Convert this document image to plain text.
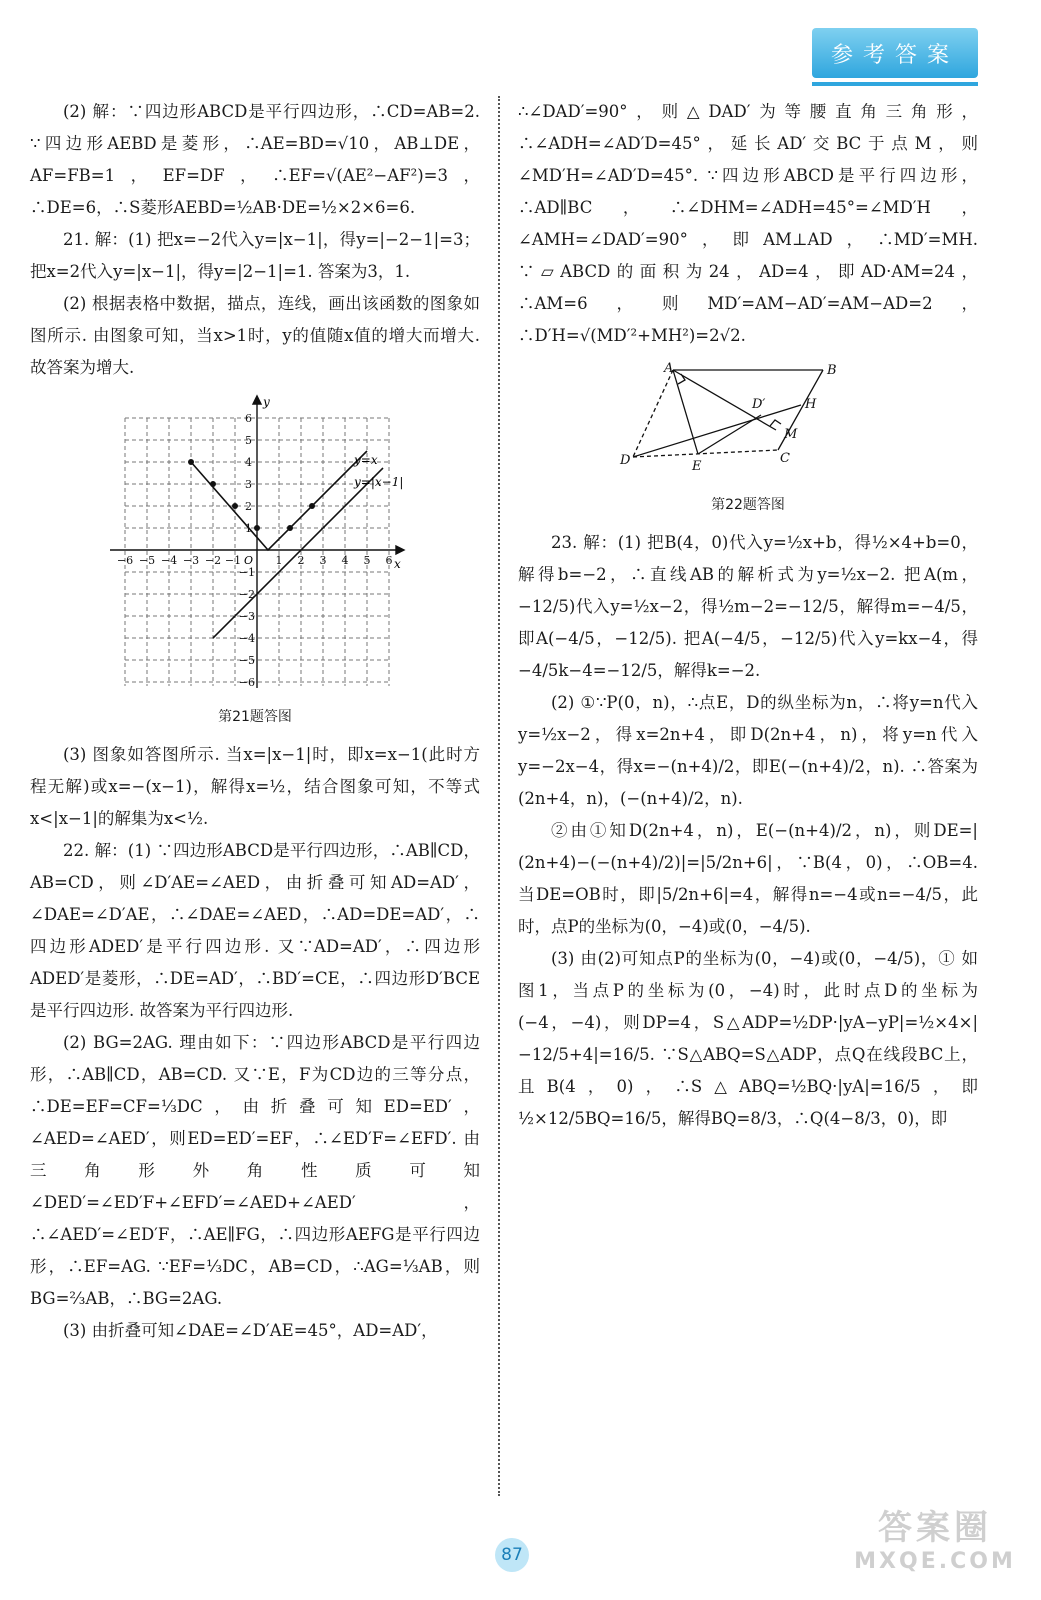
参考答案

(2) 解：∵四边形ABCD是平行四边形，∴CD=AB=2. ∵四边形AEBD是菱形，∴AE=BD=√10，AB⊥DE，AF=FB=1，EF=DF，∴EF=√(AE²−AF²)=3，∴DE=6，∴S菱形AEBD=½AB·DE=½×2×6=6.

21. 解：(1) 把x=−2代入y=|x−1|，得y=|−2−1|=3；把x=2代入y=|x−1|，得y=|2−1|=1. 答案为3，1.

(2) 根据表格中数据，描点，连线，画出该函数的图象如图所示. 由图象可知，当x>1时，y的值随x值的增大而增大. 故答案为增大.

x
y
O
−6 −5 −4 −3 −2 −1	1 2 3 4 5 6
6
5
4
3
2
1
−1
−2
−3
−4
−5
−6
y=x
y=|x−1|
第21题答图

(3) 图象如答图所示. 当x=|x−1|时，即x=x−1(此时方程无解)或x=−(x−1)，解得x=½，结合图象可知，不等式x<|x−1|的解集为x<½.

22. 解：(1) ∵四边形ABCD是平行四边形，∴AB∥CD，AB=CD，则∠D′AE=∠AED，由折叠可知AD=AD′，∠DAE=∠D′AE，∴∠DAE=∠AED，∴AD=DE=AD′，∴四边形ADED′是平行四边形. 又∵AD=AD′，∴四边形ADED′是菱形，∴DE=AD′，∴BD′=CE，∴四边形D′BCE是平行四边形. 故答案为平行四边形.

(2) BG=2AG. 理由如下：∵四边形ABCD是平行四边形，∴AB∥CD，AB=CD. 又∵E，F为CD边的三等分点，∴DE=EF=CF=⅓DC，由折叠可知ED=ED′，∠AED=∠AED′，则ED=ED′=EF，∴∠ED′F=∠EFD′. 由三角形外角性质可知∠DED′=∠ED′F+∠EFD′=∠AED+∠AED′，∴∠AED′=∠ED′F，∴AE∥FG，∴四边形AEFG是平行四边形，∴EF=AG. ∵EF=⅓DC，AB=CD，∴AG=⅓AB，则BG=⅔AB，∴BG=2AG.

(3) 由折叠可知∠DAE=∠D′AE=45°，AD=AD′，

∴∠DAD′=90°，则△DAD′为等腰直角三角形，∴∠ADH=∠AD′D=45°，延长AD′交BC于点M，则∠MD′H=∠AD′D=45°. ∵四边形ABCD是平行四边形，∴AD∥BC，∴∠DHM=∠ADH=45°=∠MD′H，∠AMH=∠DAD′=90°，即AM⊥AD，∴MD′=MH. ∵▱ABCD的面积为24，AD=4，即AD·AM=24，∴AM=6，则MD′=AM−AD′=AM−AD=2，∴D′H=√(MD′²+MH²)=2√2.

A	B
C
D	E
H
M
D′
第22题答图

23. 解：(1) 把B(4，0)代入y=½x+b，得½×4+b=0，解得b=−2，∴直线AB的解析式为y=½x−2. 把A(m，−12/5)代入y=½x−2，得½m−2=−12/5，解得m=−4/5，即A(−4/5，−12/5). 把A(−4/5，−12/5)代入y=kx−4，得−4/5k−4=−12/5，解得k=−2.

(2) ①∵P(0，n)，∴点E，D的纵坐标为n，∴将y=n代入y=½x−2，得x=2n+4，即D(2n+4，n)，将y=n代入y=−2x−4，得x=−(n+4)/2，即E(−(n+4)/2，n). ∴答案为(2n+4，n)，(−(n+4)/2，n).

②由①知D(2n+4，n)，E(−(n+4)/2，n)，则DE=|(2n+4)−(−(n+4)/2)|=|5/2n+6|，∵B(4，0)，∴OB=4. 当DE=OB时，即|5/2n+6|=4，解得n=−4或n=−4/5，此时，点P的坐标为(0，−4)或(0，−4/5).

(3) 由(2)可知点P的坐标为(0，−4)或(0，−4/5)，① 如图1，当点P的坐标为(0，−4)时，此时点D的坐标为(−4，−4)，则DP=4，S△ADP=½DP·|yA−yP|=½×4×|−12/5+4|=16/5. ∵S△ABQ=S△ADP，点Q在线段BC上，且B(4，0)，∴S△ABQ=½BQ·|yA|=16/5，即½×12/5BQ=16/5，解得BQ=8/3，∴Q(4−8/3，0)，即

87
答案圈
MXQE.COM
